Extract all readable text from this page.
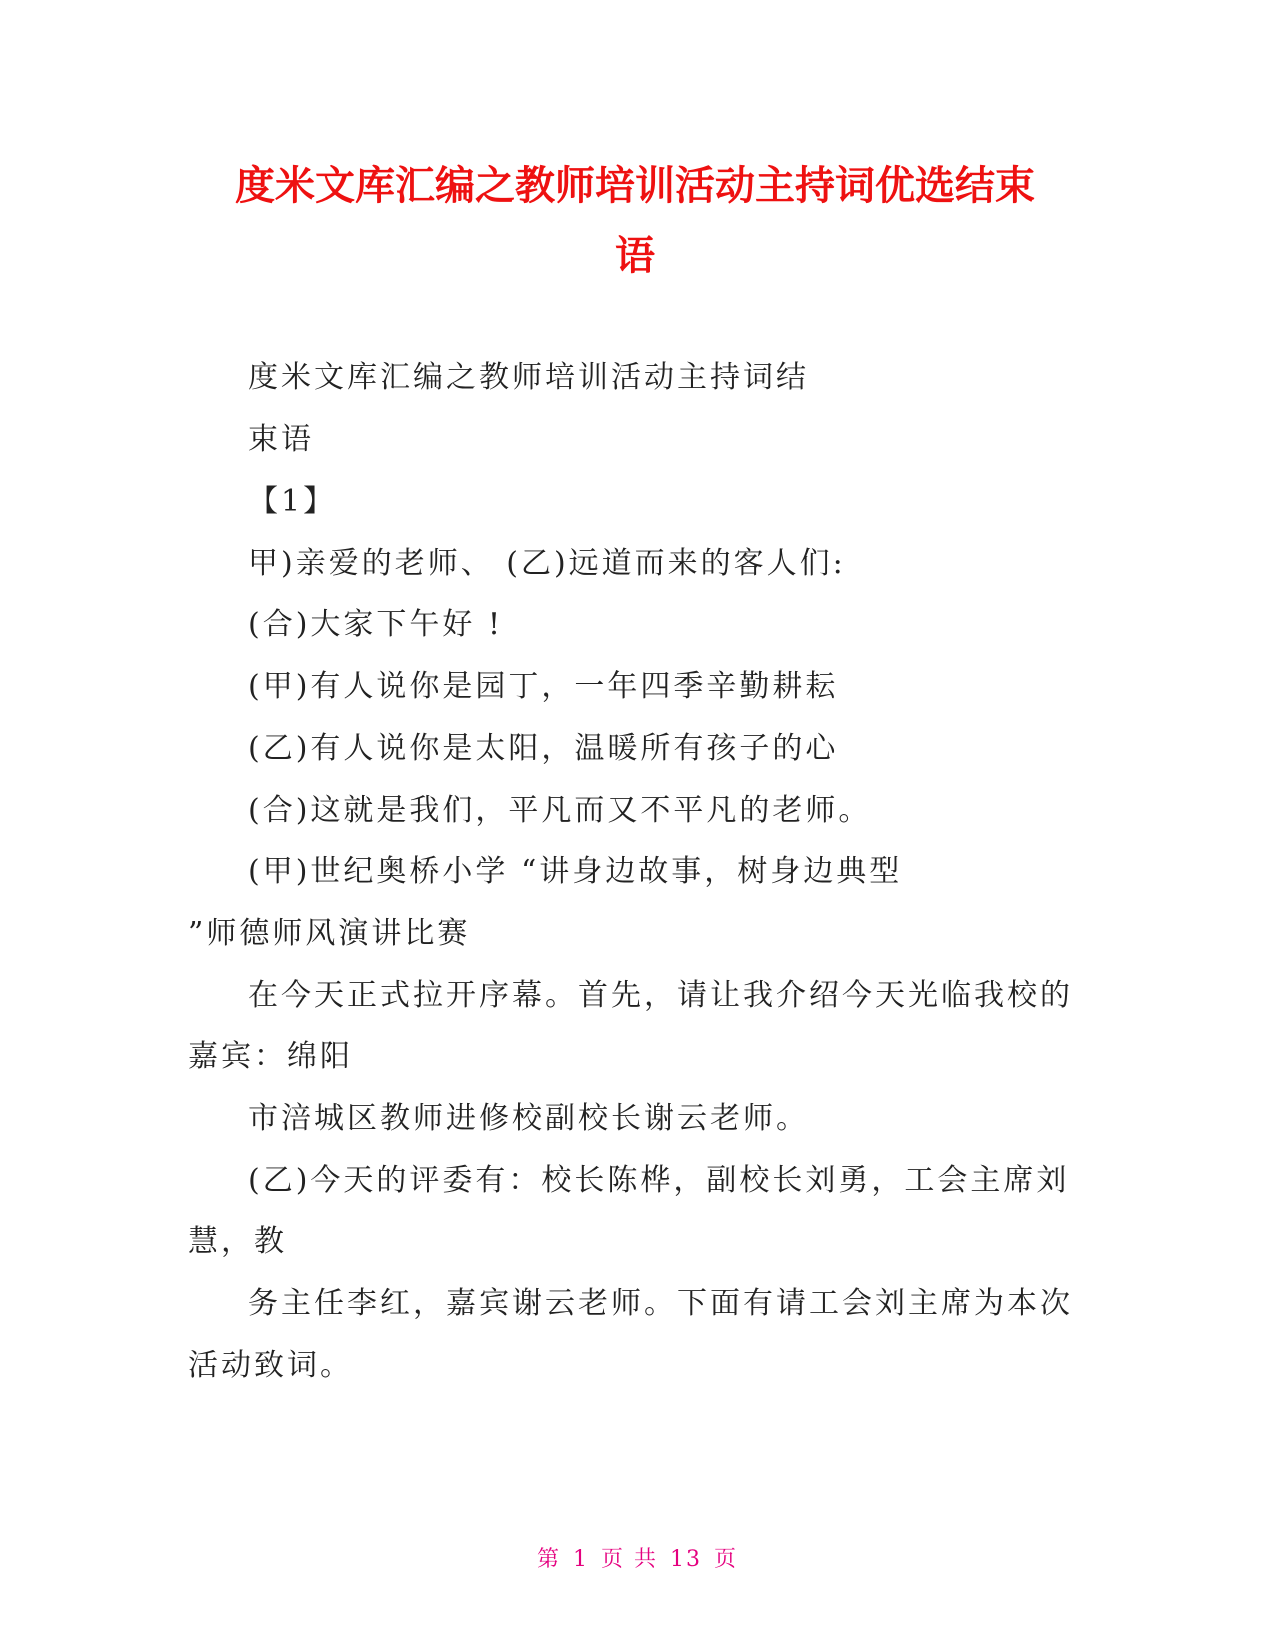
度米文库汇编之教师培训活动主持词优选结束
语

度米文库汇编之教师培训活动主持词结

束语

【1】

甲)亲爱的老师、 (乙)远道而来的客人们:

(合)大家下午好 !

(甲)有人说你是园丁，一年四季辛勤耕耘

(乙)有人说你是太阳，温暖所有孩子的心

(合)这就是我们，平凡而又不平凡的老师。

(甲)世纪奥桥小学 “讲身边故事，树身边典型

”师德师风演讲比赛

在今天正式拉开序幕。首先，请让我介绍今天光临我校的

嘉宾：绵阳

市涪城区教师进修校副校长谢云老师。

(乙)今天的评委有：校长陈桦，副校长刘勇，工会主席刘

慧，教

务主任李红，嘉宾谢云老师。下面有请工会刘主席为本次

活动致词。

第 1 页 共 13 页
